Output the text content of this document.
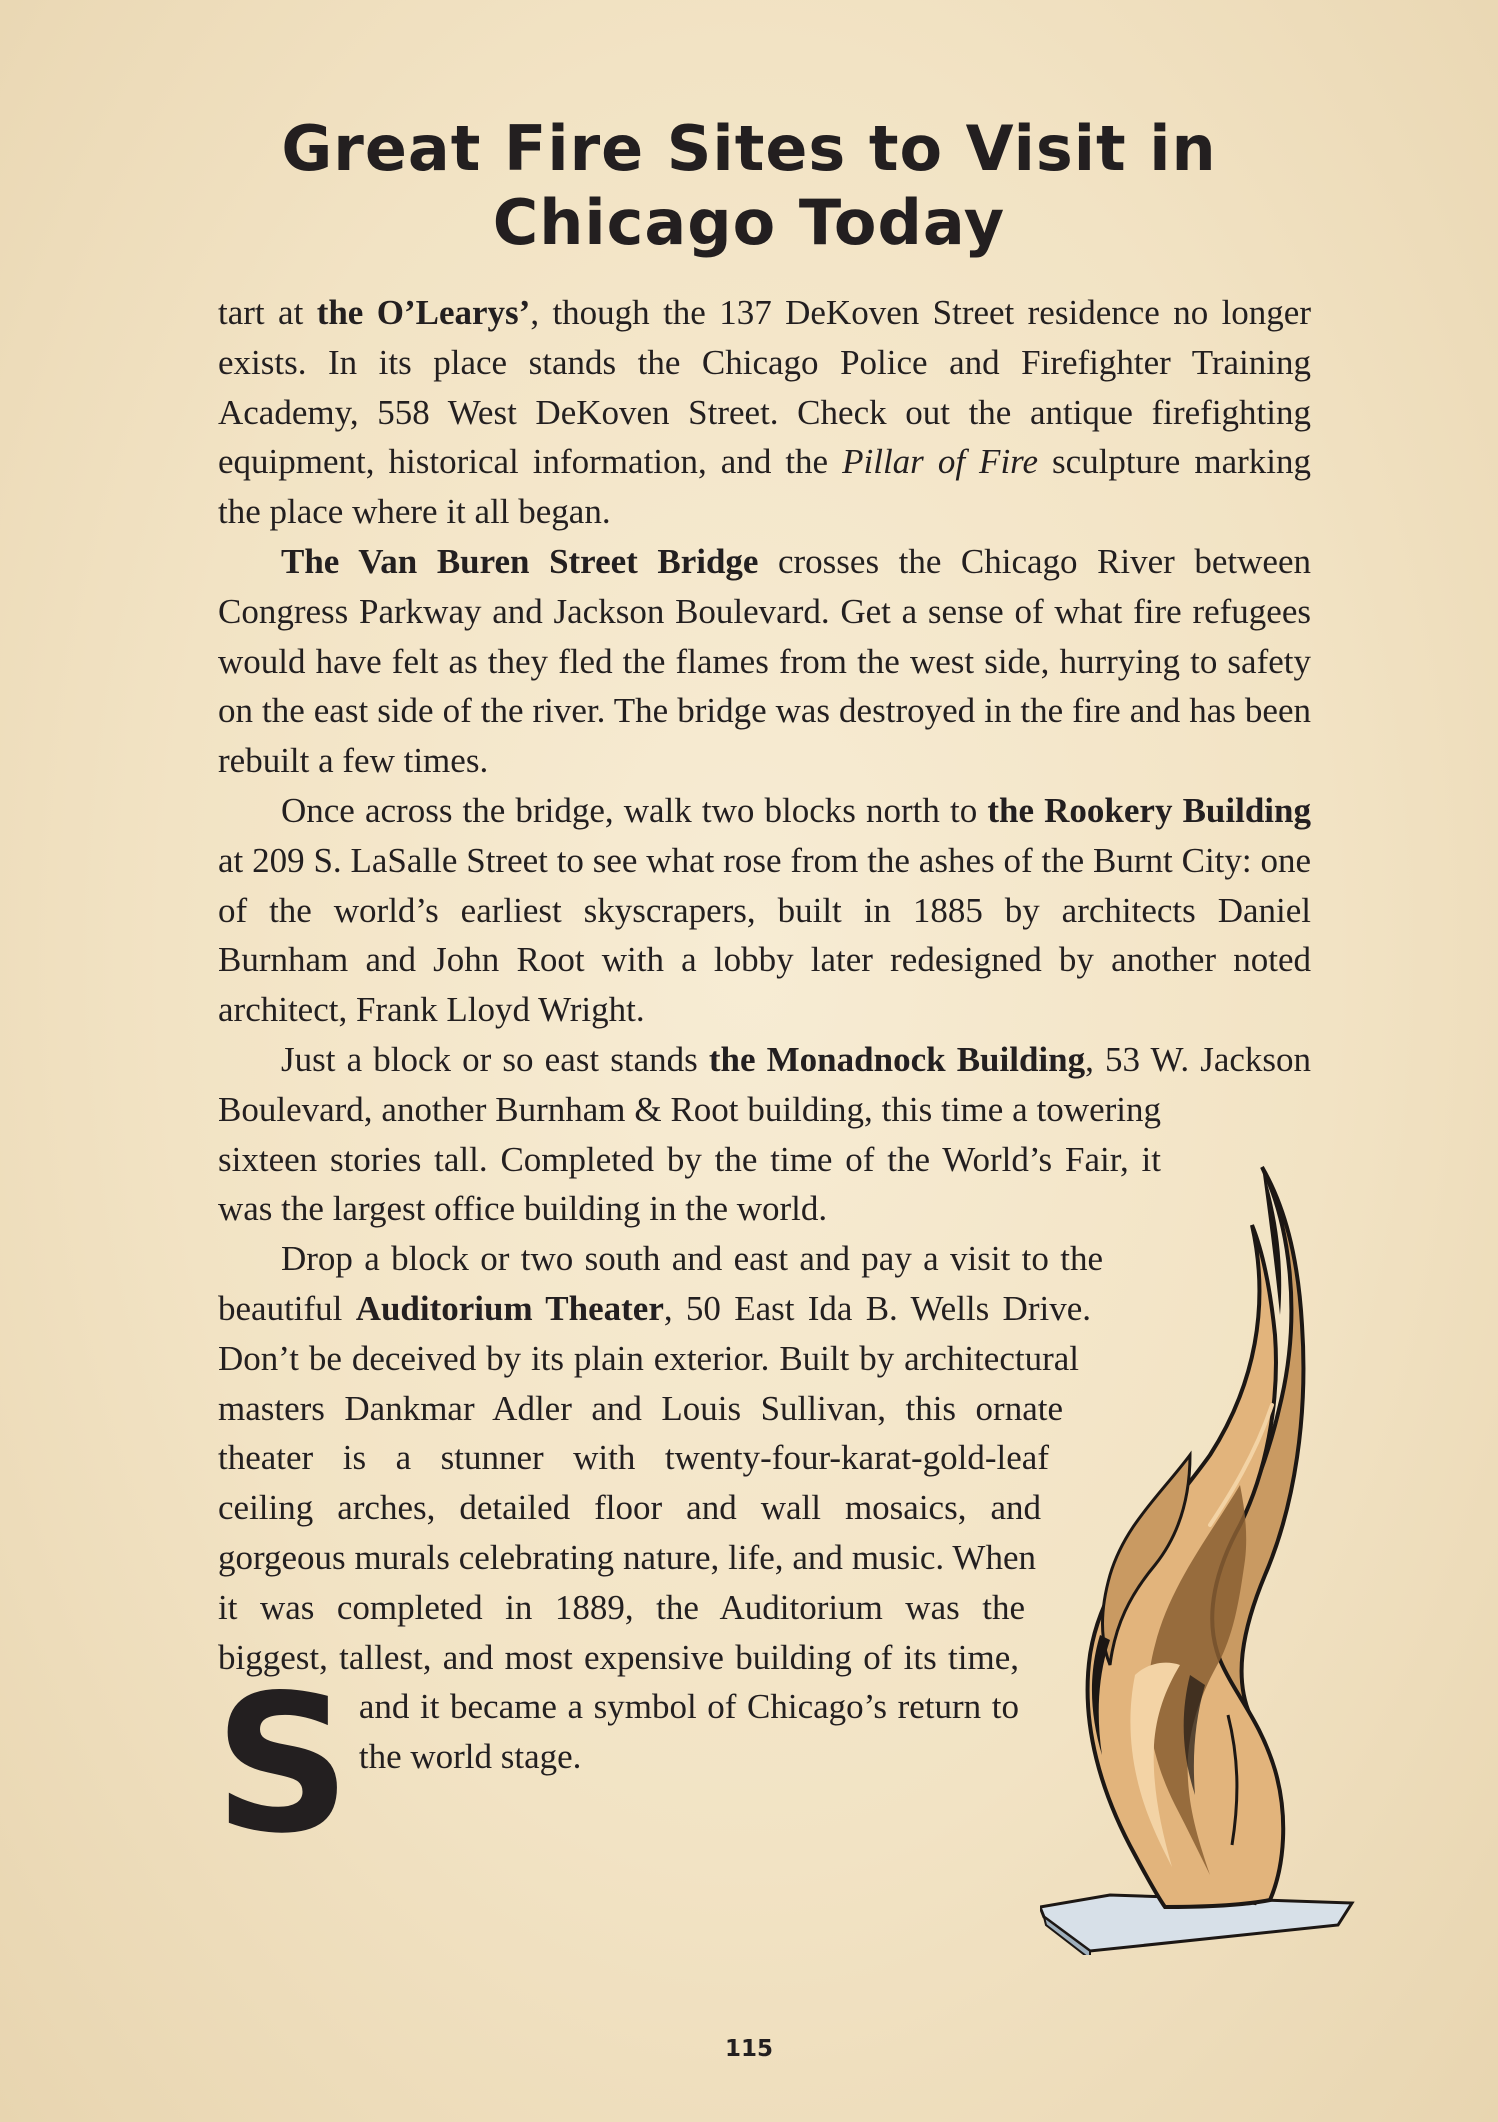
Great Fire Sites to Visit in Chicago Today

S
tart at the O’Learys’, though the 137 DeKoven Street residence no longer exists. In its place stands the Chicago Police and Firefighter Training Academy, 558 West DeKoven Street. Check out the antique firefighting equipment, historical information, and the Pillar of Fire sculpture marking the place where it all began.

The Van Buren Street Bridge crosses the Chicago River between Congress Parkway and Jackson Boulevard. Get a sense of what fire refugees would have felt as they fled the flames from the west side, hurrying to safety on the east side of the river. The bridge was destroyed in the fire and has been rebuilt a few times.

Once across the bridge, walk two blocks north to the Rookery Building at 209 S. LaSalle Street to see what rose from the ashes of the Burnt City: one of the world’s earliest skyscrapers, built in 1885 by architects Daniel Burnham and John Root with a lobby later redesigned by another noted architect, Frank Lloyd Wright.

Just a block or so east stands the Monadnock Building, 53 W. Jackson Boulevard, another Burnham & Root building, this time a towering sixteen stories tall. Completed by the time of the World’s Fair, it was the largest office building in the world.

Drop a block or two south and east and pay a visit to the beautiful Auditorium Theater, 50 East Ida B. Wells Drive. Don’t be deceived by its plain exterior. Built by architectural masters Dankmar Adler and Louis Sullivan, this ornate theater is a stunner with twenty-four-karat-gold-leaf ceiling arches, detailed floor and wall mosaics, and gorgeous murals celebrating nature, life, and music. When it was completed in 1889, the Auditorium was the biggest, tallest, and most expensive building of its time, and it became a symbol of Chicago’s return to the world stage.

115
